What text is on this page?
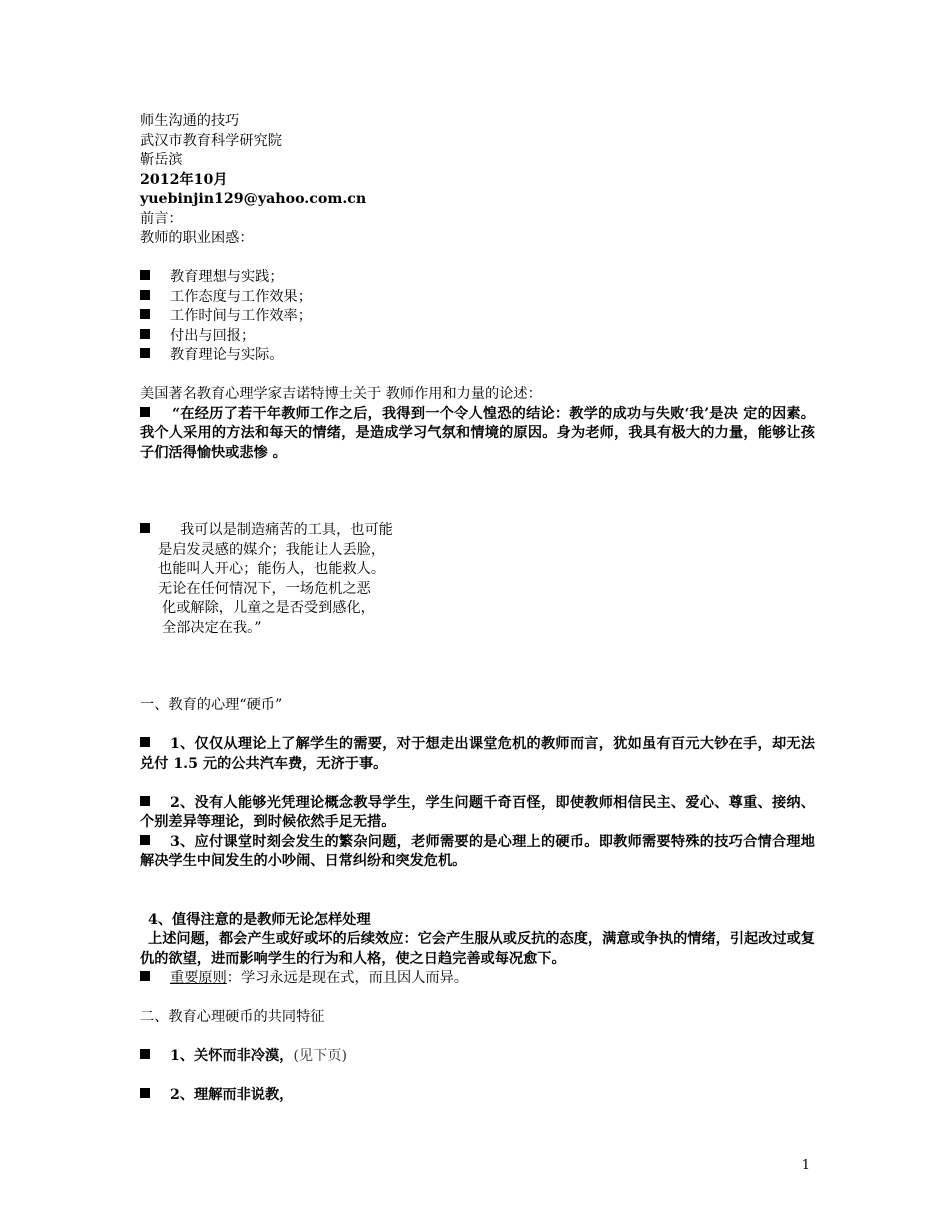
师生沟通的技巧
武汉市教育科学研究院
靳岳滨
2012年10月
yuebinjin129@yahoo.com.cn
前言：
教师的职业困惑：
教育理想与实践；
工作态度与工作效果；
工作时间与工作效率；
付出与回报；
教育理论与实际。
美国著名教育心理学家吉诺特博士关于 教师作用和力量的论述：
“在经历了若干年教师工作之后，我得到一个令人惶恐的结论：教学的成功与失败‘我’是决 定的因素。我个人采用的方法和每天的情绪，是造成学习气氛和情境的原因。身为老师，我具有极大的力量，能够让孩子们活得愉快或悲惨 。
我可以是制造痛苦的工具，也可能
是启发灵感的媒介；我能让人丢脸，
也能叫人开心；能伤人，也能救人。
无论在任何情况下，一场危机之恶
化或解除，儿童之是否受到感化，
全部决定在我。”
一、教育的心理“硬币”
1、仅仅从理论上了解学生的需要，对于想走出课堂危机的教师而言，犹如虽有百元大钞在手，却无法兑付 1.5 元的公共汽车费，无济于事。
2、没有人能够光凭理论概念教导学生，学生问题千奇百怪，即使教师相信民主、爱心、尊重、接纳、个别差异等理论，到时候依然手足无措。
3、应付课堂时刻会发生的繁杂问题，老师需要的是心理上的硬币。即教师需要特殊的技巧合情合理地解决学生中间发生的小吵闹、日常纠纷和突发危机。
4、值得注意的是教师无论怎样处理
上述问题，都会产生或好或坏的后续效应：它会产生服从或反抗的态度，满意或争执的情绪，引起改过或复仇的欲望，进而影响学生的行为和人格，使之日趋完善或每况愈下。
重要原则：学习永远是现在式，而且因人而异。
二、教育心理硬币的共同特征
1、关怀而非冷漠， (见下页)
2、理解而非说教，
1
